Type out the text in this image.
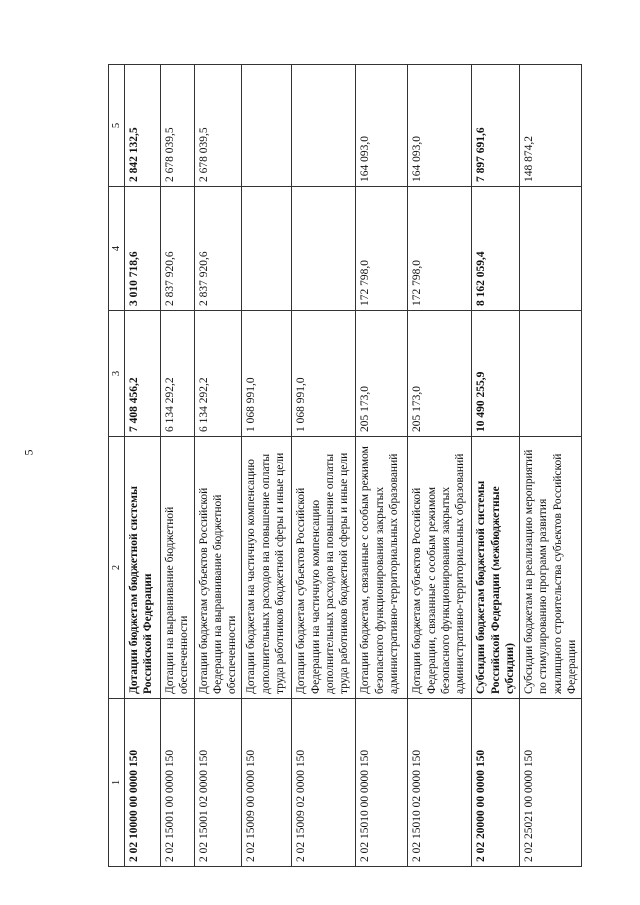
5
1	2	3	4	5
2 02 10000 00 0000 150	Дотации бюджетам бюджетной системы Российской Федерации	7 408 456,2	3 010 718,6	2 842 132,5
2 02 15001 00 0000 150	Дотации на выравнивание бюджетной обеспеченности	6 134 292,2	2 837 920,6	2 678 039,5
2 02 15001 02 0000 150	Дотации бюджетам субъектов Российской Федерации на выравнивание бюджетной обеспеченности	6 134 292,2	2 837 920,6	2 678 039,5
2 02 15009 00 0000 150	Дотации бюджетам на частичную компенсацию дополнительных расходов на повышение оплаты труда работников бюджетной сферы и иные цели	1 068 991,0		
2 02 15009 02 0000 150	Дотации бюджетам субъектов Российской Федерации на частичную компенсацию дополнительных расходов на повышение оплаты труда работников бюджетной сферы и иные цели	1 068 991,0		
2 02 15010 00 0000 150	Дотации бюджетам, связанные с особым режимом безопасного функционирования закрытых административно-территориальных образований	205 173,0	172 798,0	164 093,0
2 02 15010 02 0000 150	Дотации бюджетам субъектов Российской Федерации, связанные с особым режимом безопасного функционирования закрытых административно-территориальных образований	205 173,0	172 798,0	164 093,0
2 02 20000 00 0000 150	Субсидии бюджетам бюджетной системы Российской Федерации (межбюджетные субсидии)	10 490 255,9	8 162 059,4	7 897 691,6
2 02 25021 00 0000 150	Субсидии бюджетам на реализацию мероприятий по стимулированию программ развития жилищного строительства субъектов Российской Федерации			148 874,2
